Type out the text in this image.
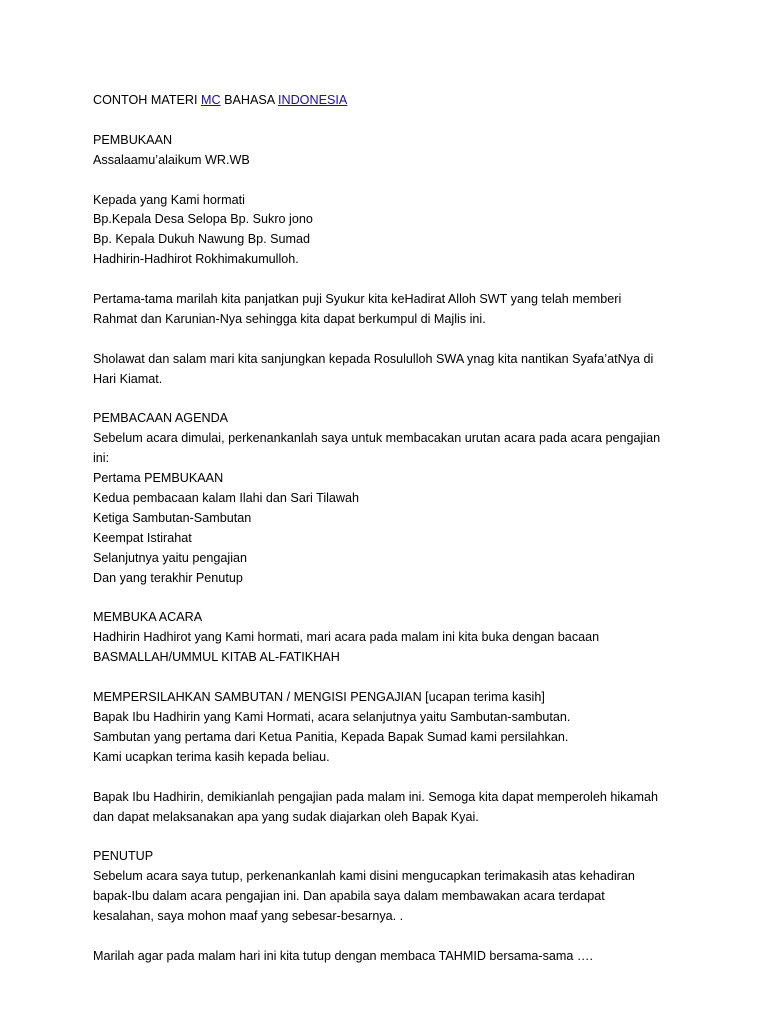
CONTOH MATERI MC BAHASA INDONESIA
PEMBUKAAN
Assalaamu’alaikum WR.WB
Kepada yang Kami hormati
Bp.Kepala Desa Selopa Bp. Sukro jono
Bp. Kepala Dukuh Nawung Bp. Sumad
Hadhirin-Hadhirot Rokhimakumulloh.
Pertama-tama marilah kita panjatkan puji Syukur kita keHadirat Alloh SWT yang telah memberi
Rahmat dan Karunian-Nya sehingga kita dapat berkumpul di Majlis ini.
Sholawat dan salam mari kita sanjungkan kepada Rosululloh SWA ynag kita nantikan Syafa’atNya di
Hari Kiamat.
PEMBACAAN AGENDA
Sebelum acara dimulai, perkenankanlah saya untuk membacakan urutan acara pada acara pengajian
ini:
Pertama PEMBUKAAN
Kedua pembacaan kalam Ilahi dan Sari Tilawah
Ketiga Sambutan-Sambutan
Keempat Istirahat
Selanjutnya yaitu pengajian
Dan yang terakhir Penutup
MEMBUKA ACARA
Hadhirin Hadhirot yang Kami hormati, mari acara pada malam ini kita buka dengan bacaan
BASMALLAH/UMMUL KITAB AL-FATIKHAH
MEMPERSILAHKAN SAMBUTAN / MENGISI PENGAJIAN [ucapan terima kasih]
Bapak Ibu Hadhirin yang Kami Hormati, acara selanjutnya yaitu Sambutan-sambutan.
Sambutan yang pertama dari Ketua Panitia, Kepada Bapak Sumad kami persilahkan.
Kami ucapkan terima kasih kepada beliau.
Bapak Ibu Hadhirin, demikianlah pengajian pada malam ini. Semoga kita dapat memperoleh hikamah
dan dapat melaksanakan apa yang sudak diajarkan oleh Bapak Kyai.
PENUTUP
Sebelum acara saya tutup, perkenankanlah kami disini mengucapkan terimakasih atas kehadiran
bapak-Ibu dalam acara pengajian ini. Dan apabila saya dalam membawakan acara terdapat
kesalahan, saya mohon maaf yang sebesar-besarnya. .
Marilah agar pada malam hari ini kita tutup dengan membaca TAHMID bersama-sama ….
